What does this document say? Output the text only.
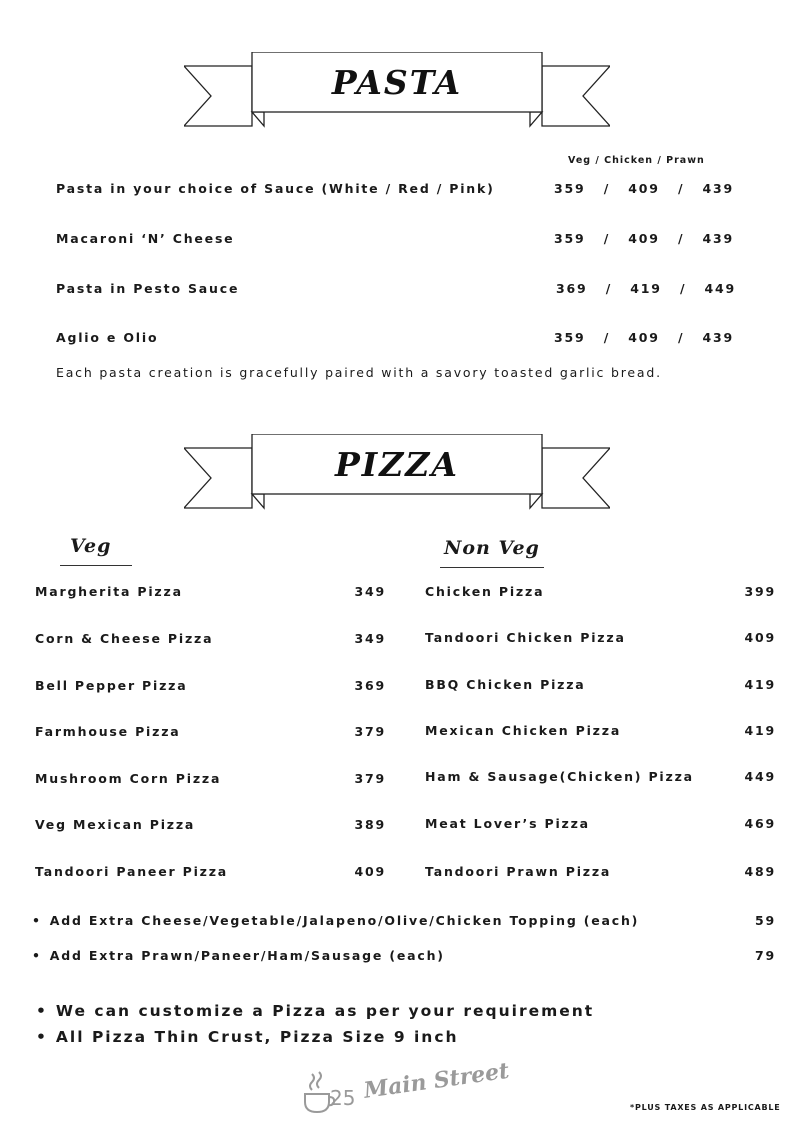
PASTA
Veg / Chicken / Prawn
Pasta in your choice of Sauce (White / Red / Pink)	359 / 409 / 439
Macaroni ‘N’ Cheese	359 / 409 / 439
Pasta in Pesto Sauce	369 / 419 / 449
Aglio e Olio	359 / 409 / 439
Each pasta creation is gracefully paired with a savory toasted garlic bread.
PIZZA
Veg	Non Veg
Margherita Pizza	349
Corn & Cheese Pizza	349
Bell Pepper Pizza	369
Farmhouse Pizza	379
Mushroom Corn Pizza	379
Veg Mexican Pizza	389
Tandoori Paneer Pizza	409
Chicken Pizza	399
Tandoori Chicken Pizza	409
BBQ Chicken Pizza	419
Mexican Chicken Pizza	419
Ham & Sausage(Chicken) Pizza	449
Meat Lover’s Pizza	469
Tandoori Prawn Pizza	489
• Add Extra Cheese/Vegetable/Jalapeno/Olive/Chicken Topping (each)	59
• Add Extra Prawn/Paneer/Ham/Sausage (each)	79
• We can customize a Pizza as per your requirement
• All Pizza Thin Crust, Pizza Size 9 inch
25 Main Street
*PLUS TAXES AS APPLICABLE
